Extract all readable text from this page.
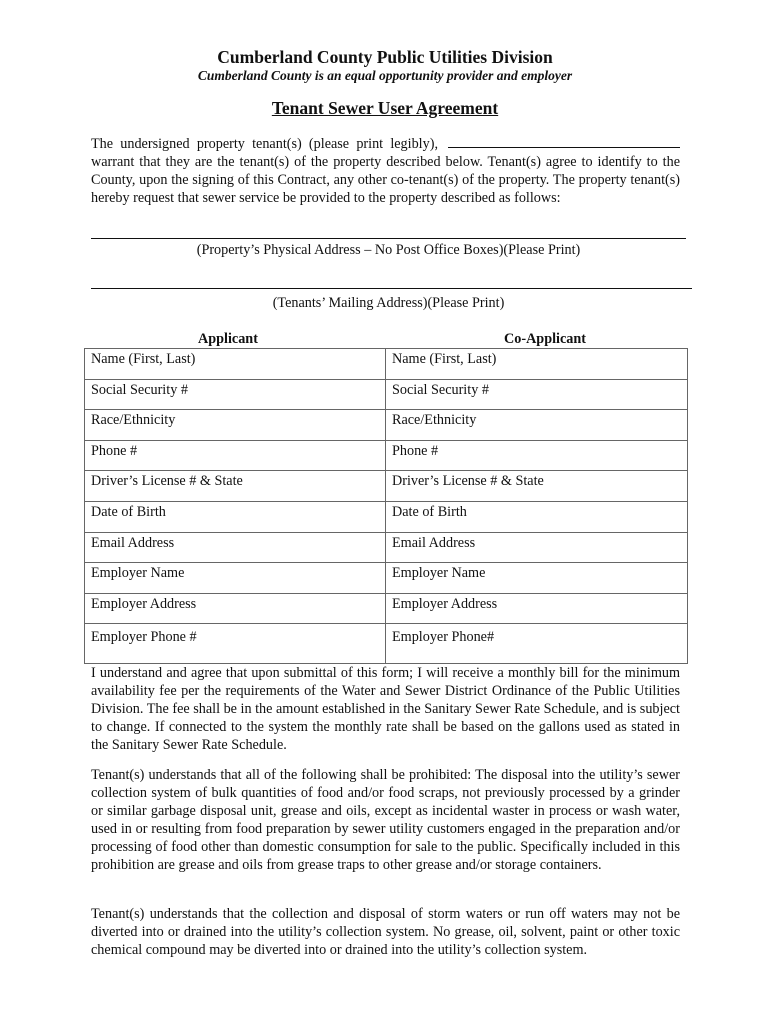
Cumberland County Public Utilities Division
Cumberland County is an equal opportunity provider and employer
Tenant Sewer User Agreement
The undersigned property tenant(s) (please print legibly), warrant that they are the tenant(s) of the property described below. Tenant(s) agree to identify to the County, upon the signing of this Contract, any other co-tenant(s) of the property. The property tenant(s) hereby request that sewer service be provided to the property described as follows:
(Property’s Physical Address – No Post Office Boxes)(Please Print)
(Tenants’ Mailing Address)(Please Print)
Applicant	Co-Applicant
Name (First, Last)	Name (First, Last)
Social Security #	Social Security #
Race/Ethnicity	Race/Ethnicity
Phone #	Phone #
Driver’s License # & State	Driver’s License # & State
Date of Birth	Date of Birth
Email Address	Email Address
Employer Name	Employer Name
Employer Address	Employer Address
Employer Phone #	Employer Phone#
I understand and agree that upon submittal of this form; I will receive a monthly bill for the minimum availability fee per the requirements of the Water and Sewer District Ordinance of the Public Utilities Division. The fee shall be in the amount established in the Sanitary Sewer Rate Schedule, and is subject to change. If connected to the system the monthly rate shall be based on the gallons used as stated in the Sanitary Sewer Rate Schedule.
Tenant(s) understands that all of the following shall be prohibited: The disposal into the utility’s sewer collection system of bulk quantities of food and/or food scraps, not previously processed by a grinder or similar garbage disposal unit, grease and oils, except as incidental waster in process or wash water, used in or resulting from food preparation by sewer utility customers engaged in the preparation and/or processing of food other than domestic consumption for sale to the public. Specifically included in this prohibition are grease and oils from grease traps to other grease and/or storage containers.
Tenant(s) understands that the collection and disposal of storm waters or run off waters may not be diverted into or drained into the utility’s collection system. No grease, oil, solvent, paint or other toxic chemical compound may be diverted into or drained into the utility’s collection system.
